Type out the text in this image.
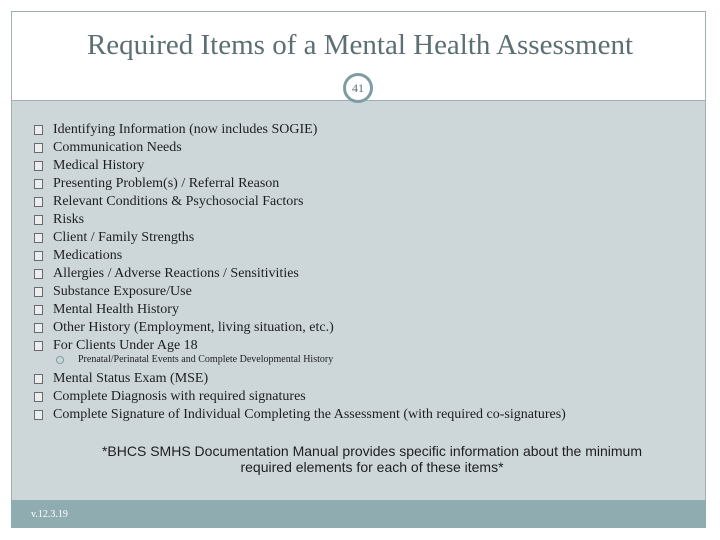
Required Items of a Mental Health Assessment
41
Identifying Information (now includes SOGIE)
Communication Needs
Medical History
Presenting Problem(s) / Referral Reason
Relevant Conditions & Psychosocial Factors
Risks
Client / Family Strengths
Medications
Allergies / Adverse Reactions / Sensitivities
Substance Exposure/Use
Mental Health History
Other History (Employment, living situation, etc.)
For Clients Under Age 18
Prenatal/Perinatal Events and Complete Developmental History
Mental Status Exam (MSE)
Complete Diagnosis with required signatures
Complete Signature of Individual Completing the Assessment (with required co-signatures)
*BHCS SMHS Documentation Manual provides specific information about the minimum
required elements for each of these items*
v.12.3.19
